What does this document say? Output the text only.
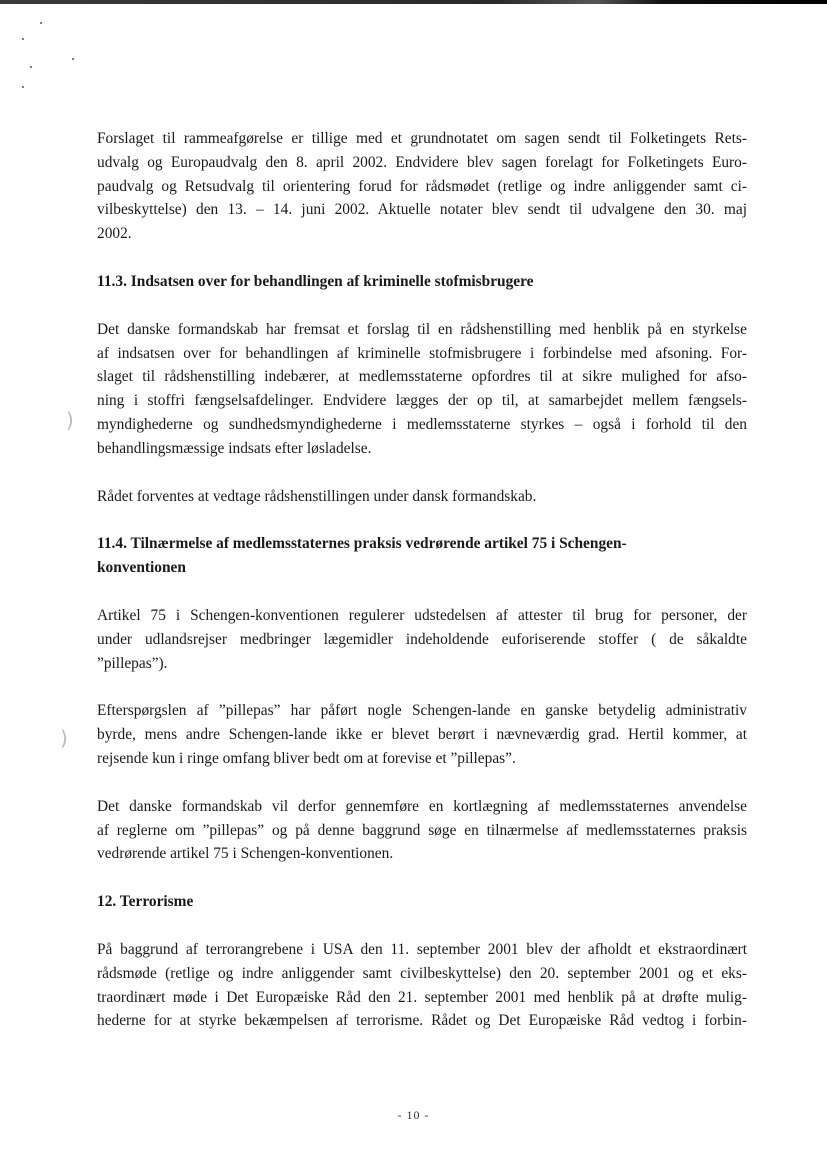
)
)

Forslaget til rammeafgørelse er tillige med et grundnotatet om sagen sendt til Folketingets Rets-
udvalg og Europaudvalg den 8. april 2002. Endvidere blev sagen forelagt for Folketingets Euro-
paudvalg og Retsudvalg til orientering forud for rådsmødet (retlige og indre anliggender samt ci-
vilbeskyttelse) den 13. – 14. juni 2002. Aktuelle notater blev sendt til udvalgene den 30. maj
2002.

11.3. Indsatsen over for behandlingen af kriminelle stofmisbrugere

Det danske formandskab har fremsat et forslag til en rådshenstilling med henblik på en styrkelse
af indsatsen over for behandlingen af kriminelle stofmisbrugere i forbindelse med afsoning. For-
slaget til rådshenstilling indebærer, at medlemsstaterne opfordres til at sikre mulighed for afso-
ning i stoffri fængselsafdelinger. Endvidere lægges der op til, at samarbejdet mellem fængsels-
myndighederne og sundhedsmyndighederne i medlemsstaterne styrkes – også i forhold til den
behandlingsmæssige indsats efter løsladelse.

Rådet forventes at vedtage rådshenstillingen under dansk formandskab.

11.4. Tilnærmelse af medlemsstaternes praksis vedrørende artikel 75 i Schengen-
konventionen

Artikel 75 i Schengen-konventionen regulerer udstedelsen af attester til brug for personer, der
under udlandsrejser medbringer lægemidler indeholdende euforiserende stoffer ( de såkaldte
”pillepas”).

Efterspørgslen af ”pillepas” har påført nogle Schengen-lande en ganske betydelig administrativ
byrde, mens andre Schengen-lande ikke er blevet berørt i nævneværdig grad. Hertil kommer, at
rejsende kun i ringe omfang bliver bedt om at forevise et ”pillepas”.

Det danske formandskab vil derfor gennemføre en kortlægning af medlemsstaternes anvendelse
af reglerne om ”pillepas” og på denne baggrund søge en tilnærmelse af medlemsstaternes praksis
vedrørende artikel 75 i Schengen-konventionen.

12. Terrorisme

På baggrund af terrorangrebene i USA den 11. september 2001 blev der afholdt et ekstraordinært
rådsmøde (retlige og indre anliggender samt civilbeskyttelse) den 20. september 2001 og et eks-
traordinært møde i Det Europæiske Råd den 21. september 2001 med henblik på at drøfte mulig-
hederne for at styrke bekæmpelsen af terrorisme. Rådet og Det Europæiske Råd vedtog i forbin-

- 10 -
